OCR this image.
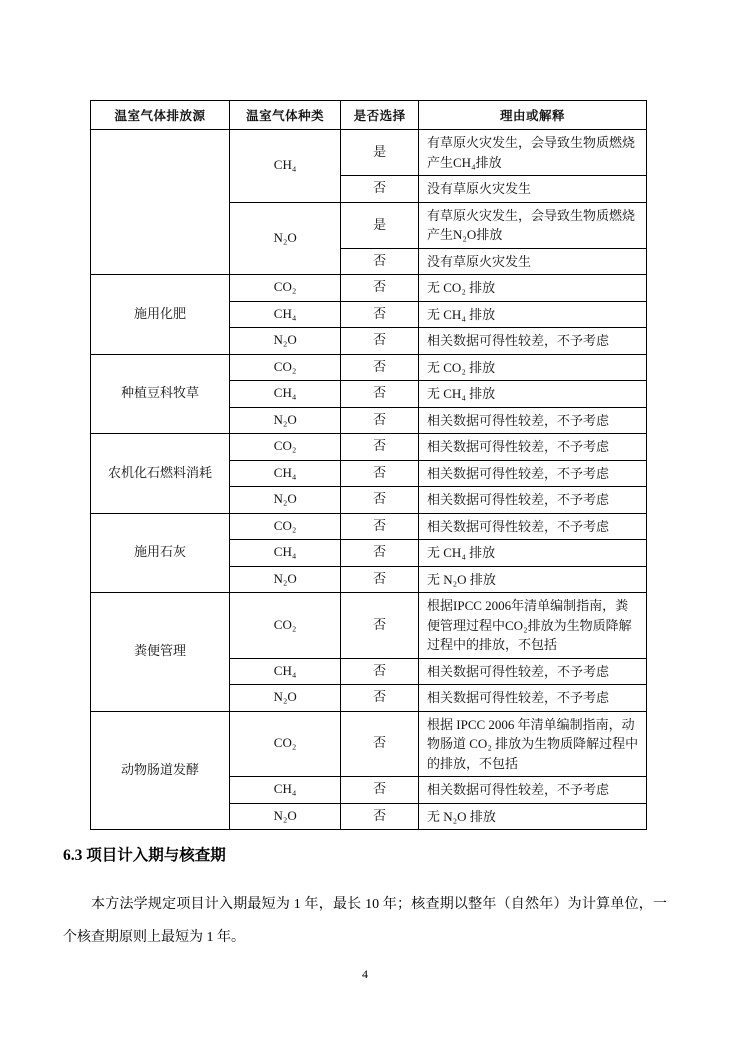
温室气体排放源	温室气体种类	是否选择	理由或解释
	CH₄	是	有草原火灾发生，会导致生物质燃烧产生CH₄排放
		否	没有草原火灾发生
	N₂O	是	有草原火灾发生，会导致生物质燃烧产生N₂O排放
		否	没有草原火灾发生
施用化肥	CO₂	否	无 CO₂ 排放
	CH₄	否	无 CH₄ 排放
	N₂O	否	相关数据可得性较差，不予考虑
种植豆科牧草	CO₂	否	无 CO₂ 排放
	CH₄	否	无 CH₄ 排放
	N₂O	否	相关数据可得性较差，不予考虑
农机化石燃料消耗	CO₂	否	相关数据可得性较差，不予考虑
	CH₄	否	相关数据可得性较差，不予考虑
	N₂O	否	相关数据可得性较差，不予考虑
施用石灰	CO₂	否	相关数据可得性较差，不予考虑
	CH₄	否	无 CH₄ 排放
	N₂O	否	无 N₂O 排放
粪便管理	CO₂	否	根据IPCC 2006年清单编制指南，粪便管理过程中CO₂排放为生物质降解过程中的排放，不包括
	CH₄	否	相关数据可得性较差，不予考虑
	N₂O	否	相关数据可得性较差，不予考虑
动物肠道发酵	CO₂	否	根据 IPCC 2006 年清单编制指南，动物肠道 CO₂ 排放为生物质降解过程中的排放，不包括
	CH₄	否	相关数据可得性较差，不予考虑
	N₂O	否	无 N₂O 排放
6.3 项目计入期与核查期

本方法学规定项目计入期最短为 1 年，最长 10 年；核查期以整年（自然年）为计算单位，一个核查期原则上最短为 1 年。

4
